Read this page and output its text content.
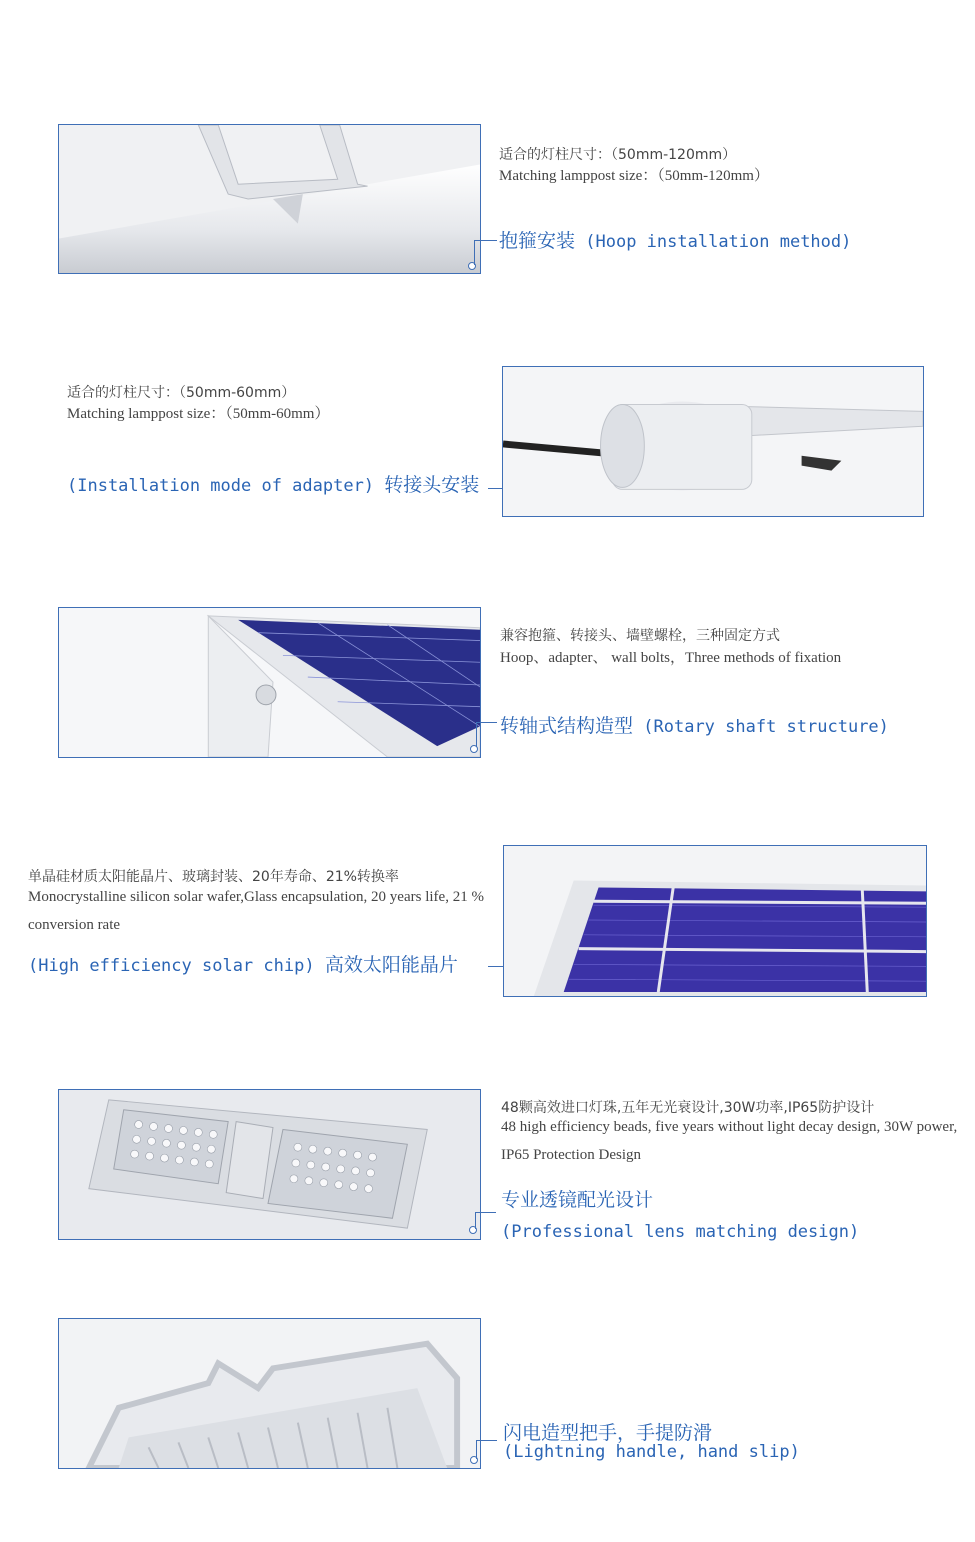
适合的灯柱尺寸：（50mm-120mm）
Matching lamppost size：（50mm-120mm）
抱箍安装 (Hoop installation method)
适合的灯柱尺寸：（50mm-60mm）
Matching lamppost size：（50mm-60mm）
(Installation mode of adapter) 转接头安装
兼容抱箍、转接头、墙壁螺栓，三种固定方式
Hoop、adapter、 wall bolts，Three methods of fixation
转轴式结构造型 (Rotary shaft structure)
单晶硅材质太阳能晶片、玻璃封装、20年寿命、21%转换率
Monocrystalline silicon solar wafer,Glass encapsulation, 20 years life, 21 % conversion rate
(High efficiency solar chip) 高效太阳能晶片
48颗高效进口灯珠,五年无光衰设计,30W功率,IP65防护设计
48 high efficiency beads, five years without light decay design, 30W power, IP65 Protection Design
专业透镜配光设计
(Professional lens matching design)
闪电造型把手，手提防滑
(Lightning handle, hand slip)
